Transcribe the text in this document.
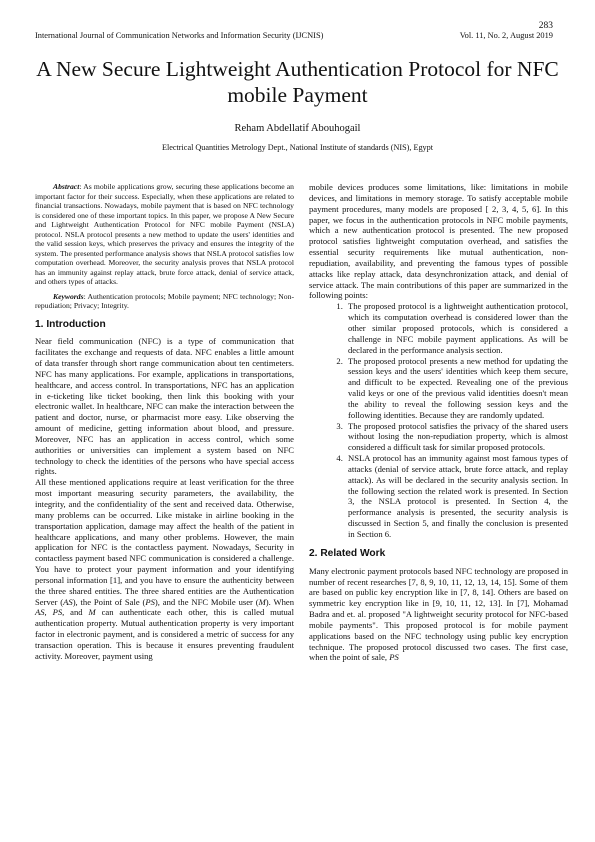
283
International Journal of Communication Networks and Information Security (IJCNIS)	Vol. 11, No. 2, August 2019
A New Secure Lightweight Authentication Protocol for NFC mobile Payment
Reham Abdellatif Abouhogail
Electrical Quantities Metrology Dept., National Institute of standards (NIS), Egypt

Abstract: As mobile applications grow, securing these applications become an important factor for their success. Especially, when these applications are related to financial transactions. Nowadays, mobile payment that is based on NFC technology is considered one of these important topics. In this paper, we propose A New Secure and Lightweight Authentication Protocol for NFC mobile Payment (NSLA) protocol. NSLA protocol presents a new method to update the users' identities and the valid session keys, which preserves the privacy and ensures the integrity of the system. The presented performance analysis shows that NSLA protocol satisfies low computation overhead. Moreover, the security analysis proves that NSLA protocol has an immunity against replay attack, brute force attack, denial of service attack, and others types of attacks.

Keywords: Authentication protocols; Mobile payment; NFC technology; Non-repudiation; Privacy; Integrity.

1. Introduction

Near field communication (NFC) is a type of communication that facilitates the exchange and requests of data. NFC enables a little amount of data transfer through short range communication about ten centimeters. NFC has many applications. For example, applications in transportations, healthcare, and access control. In transportations, NFC has an application in e-ticketing like ticket booking, then link this booking with your electronic wallet. In healthcare, NFC can make the interaction between the patient and doctor, nurse, or pharmacist more easy. Like observing the amount of medicine, getting information about blood, and pressure. Moreover, NFC has an application in access control, which some authorities or universities can implement a system based on NFC technology to check the identities of the persons who have special access rights.

All these mentioned applications require at least verification for the three most important measuring security parameters, the availability, the integrity, and the confidentiality of the sent and received data. Otherwise, many problems can be occurred. Like mistake in airline booking in the transportation application, damage may affect the health of the patient in healthcare applications, and many other problems. However, the main application for NFC is the contactless payment. Nowadays, Security in contactless payment based NFC communication is considered a challenge. You have to protect your payment information and your identifying personal information [1], and you have to ensure the authenticity between the three shared entities. The three shared entities are the Authentication Server (AS), the Point of Sale (PS), and the NFC Mobile user (M). When AS, PS, and M can authenticate each other, this is called mutual authentication property. Mutual authentication property is very important factor in electronic payment, and is considered a metric of success for any transaction operation. This is because it ensures preventing fraudulent activity. Moreover, payment using

mobile devices produces some limitations, like: limitations in mobile devices, and limitations in memory storage. To satisfy acceptable mobile payment procedures, many models are proposed [ 2, 3, 4, 5, 6]. In this paper, we focus in the authentication protocols in NFC mobile payments, which a new authentication protocol is presented. The new proposed protocol satisfies lightweight computation overhead, and satisfies the essential security requirements like mutual authentication, non-repudiation, availability, and preventing the famous types of possible attacks like replay attack, data desynchronization attack, and denial of service attack. The main contributions of this paper are summarized in the following points:

1. The proposed protocol is a lightweight authentication protocol, which its computation overhead is considered lower than the other similar proposed protocols, which is considered a challenge in NFC mobile payment applications. As will be declared in the performance analysis section.
2. The proposed protocol presents a new method for updating the session keys and the users' identities which keep them secure, and difficult to be expected. Revealing one of the previous valid keys or one of the previous valid identities doesn't mean the ability to reveal the following session keys and the following identities. Because they are randomly updated.
3. The proposed protocol satisfies the privacy of the shared users without losing the non-repudiation property, which is almost considered a difficult task for similar proposed protocols.
4. NSLA protocol has an immunity against most famous types of attacks (denial of service attack, brute force attack, and replay attack). As will be declared in the security analysis section. In the following section the related work is presented. In Section 3, the NSLA protocol is presented. In Section 4, the performance analysis is presented, the security analysis is discussed in Section 5, and finally the conclusion is presented in Section 6.
2. Related Work

Many electronic payment protocols based NFC technology are proposed in number of recent researches [7, 8, 9, 10, 11, 12, 13, 14, 15]. Some of them are based on public key encryption like in [7, 8, 14]. Others are based on symmetric key encryption like in [9, 10, 11, 12, 13]. In [7], Mohamad Badra and et. al. proposed "A lightweight security protocol for NFC-based mobile payments". This proposed protocol is for mobile payment applications based on the NFC technology using public key encryption technique. The proposed protocol discussed two cases. The first case, when the point of sale, PS
